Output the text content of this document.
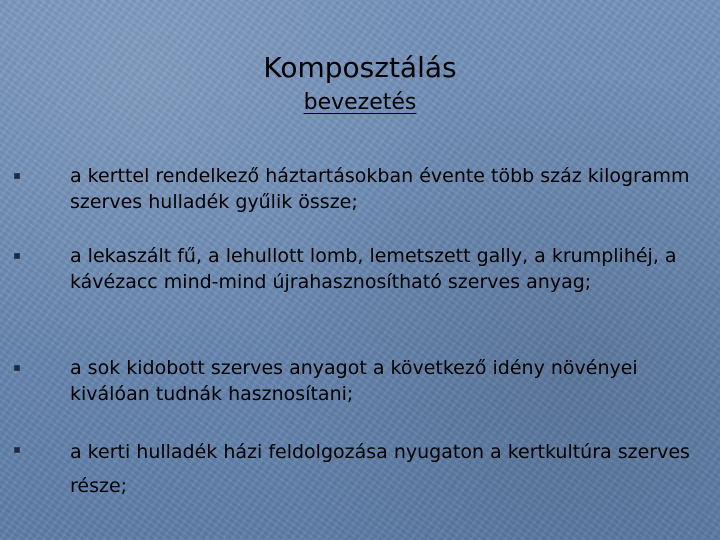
Komposztálás
bevezetés
a kerttel rendelkező háztartásokban évente több száz kilogramm szerves hulladék gyűlik össze;
a lekaszált fű, a lehullott lomb, lemetszett gally, a krumplihéj, a kávézacc mind-mind újrahasznosítható szerves anyag;
a sok kidobott szerves anyagot a következő idény növényei kiválóan tudnák hasznosítani;
a kerti hulladék házi feldolgozása nyugaton a kertkultúra szerves része;
